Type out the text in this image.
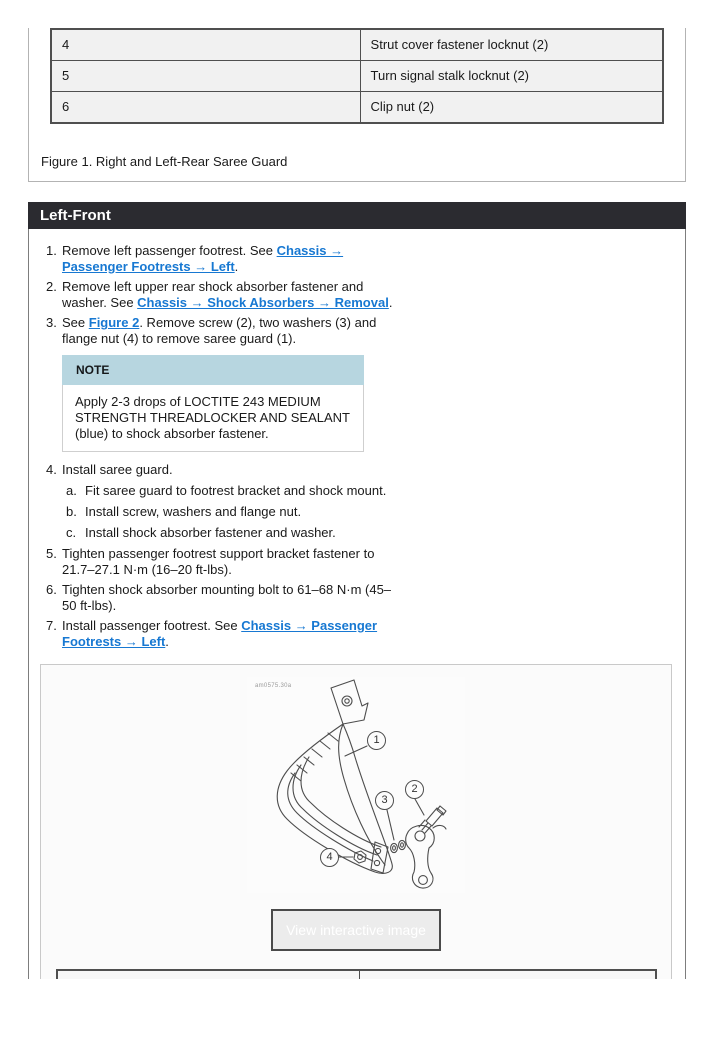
4	Strut cover fastener locknut (2)
5	Turn signal stalk locknut (2)
6	Clip nut (2)
Figure 1. Right and Left-Rear Saree Guard
Left-Front
1. Remove left passenger footrest. See Chassis → Passenger Footrests → Left.
2. Remove left upper rear shock absorber fastener and washer. See Chassis → Shock Absorbers → Removal.
3. See Figure 2. Remove screw (2), two washers (3) and flange nut (4) to remove saree guard (1).
NOTE
Apply 2-3 drops of LOCTITE 243 MEDIUM STRENGTH THREADLOCKER AND SEALANT (blue) to shock absorber fastener.
4. Install saree guard.
a. Fit saree guard to footrest bracket and shock mount.
b. Install screw, washers and flange nut.
c. Install shock absorber fastener and washer.
5. Tighten passenger footrest support bracket fastener to 21.7–27.1 N·m (16–20 ft-lbs).
6. Tighten shock absorber mounting bolt to 61–68 N·m (45–50 ft-lbs).
7. Install passenger footrest. See Chassis → Passenger Footrests → Left.
am0575.30a
1
2
3
4
View interactive image
